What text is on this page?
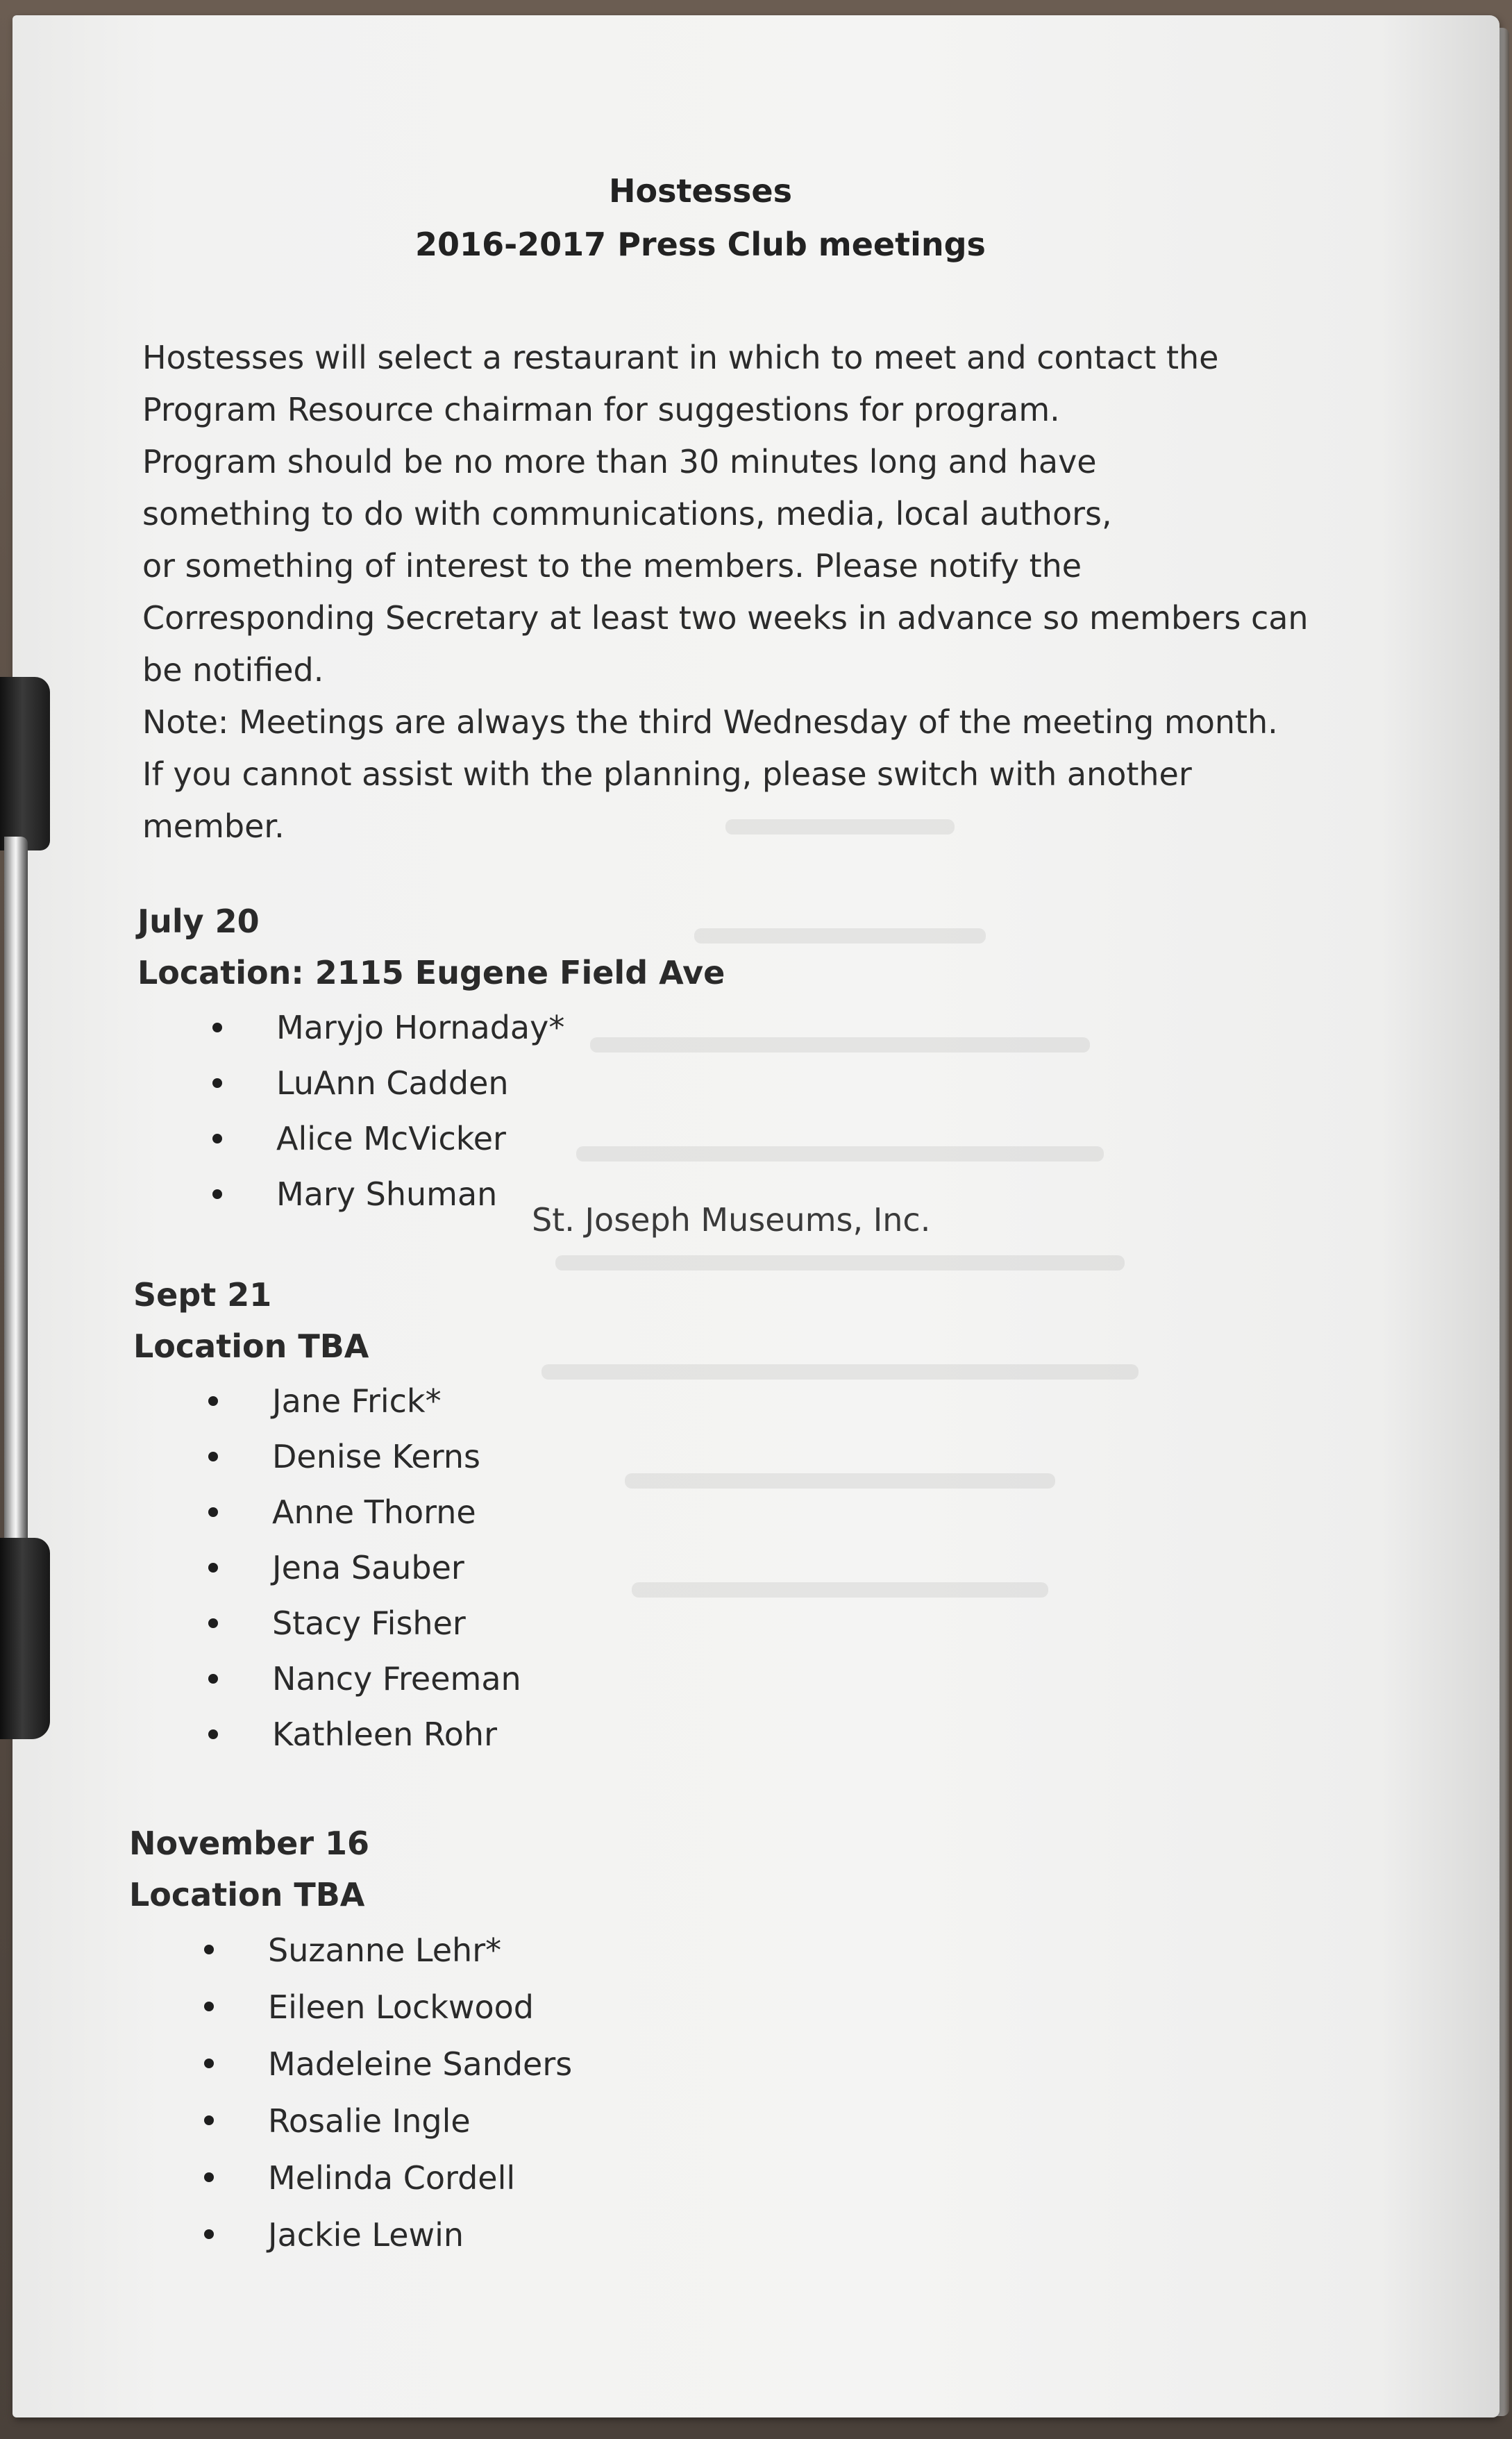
Hostesses
2016-2017 Press Club meetings
Hostesses will select a restaurant in which to meet and contact the
Program Resource chairman for suggestions for program.
Program should be no more than 30 minutes long and have
something to do with communications, media, local authors,
or something of interest to the members. Please notify the
Corresponding Secretary at least two weeks in advance so members can
be notified.
Note: Meetings are always the third Wednesday of the meeting month.
If you cannot assist with the planning, please switch with another
member.
July 20
Location: 2115 Eugene Field Ave
Maryjo Hornaday*
LuAnn Cadden
Alice McVicker
Mary Shuman
St. Joseph Museums, Inc.
Sept 21
Location TBA
Jane Frick*
Denise Kerns
Anne Thorne
Jena Sauber
Stacy Fisher
Nancy Freeman
Kathleen Rohr
November 16
Location TBA
Suzanne Lehr*
Eileen Lockwood
Madeleine Sanders
Rosalie Ingle
Melinda Cordell
Jackie Lewin
